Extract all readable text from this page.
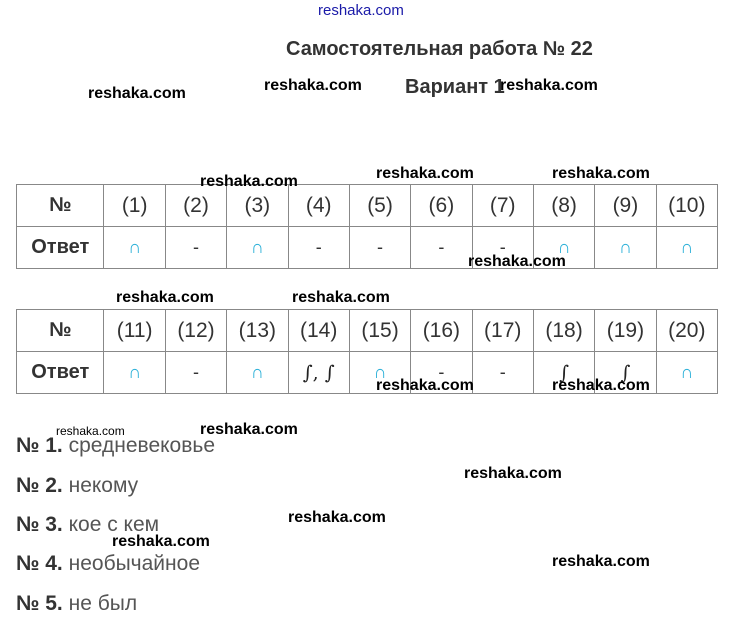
reshaka.com
Самостоятельная работа № 22
Вариант 1
reshaka.com	reshaka.com	reshaka.com
reshaka.com	reshaka.com
№	(1)	(2)	(3)	(4)	(5)	(6)	(7)	(8)	(9)	(10)
Ответ	∩	-	∩	-	-	-	-	∩	∩	∩
reshaka.com
reshaka.com
reshaka.com	reshaka.com
№	(11)	(12)	(13)	(14)	(15)	(16)	(17)	(18)	(19)	(20)
Ответ	∩	-	∩	∫, ∫	∩	-	-	∫	∫	∩
reshaka.com	reshaka.com
reshaka.com	reshaka.com
reshaka.com
reshaka.com
reshaka.com
reshaka.com
№ 1. средневековье
№ 2. некому
№ 3. кое с кем
№ 4. необычайное
№ 5. не был
